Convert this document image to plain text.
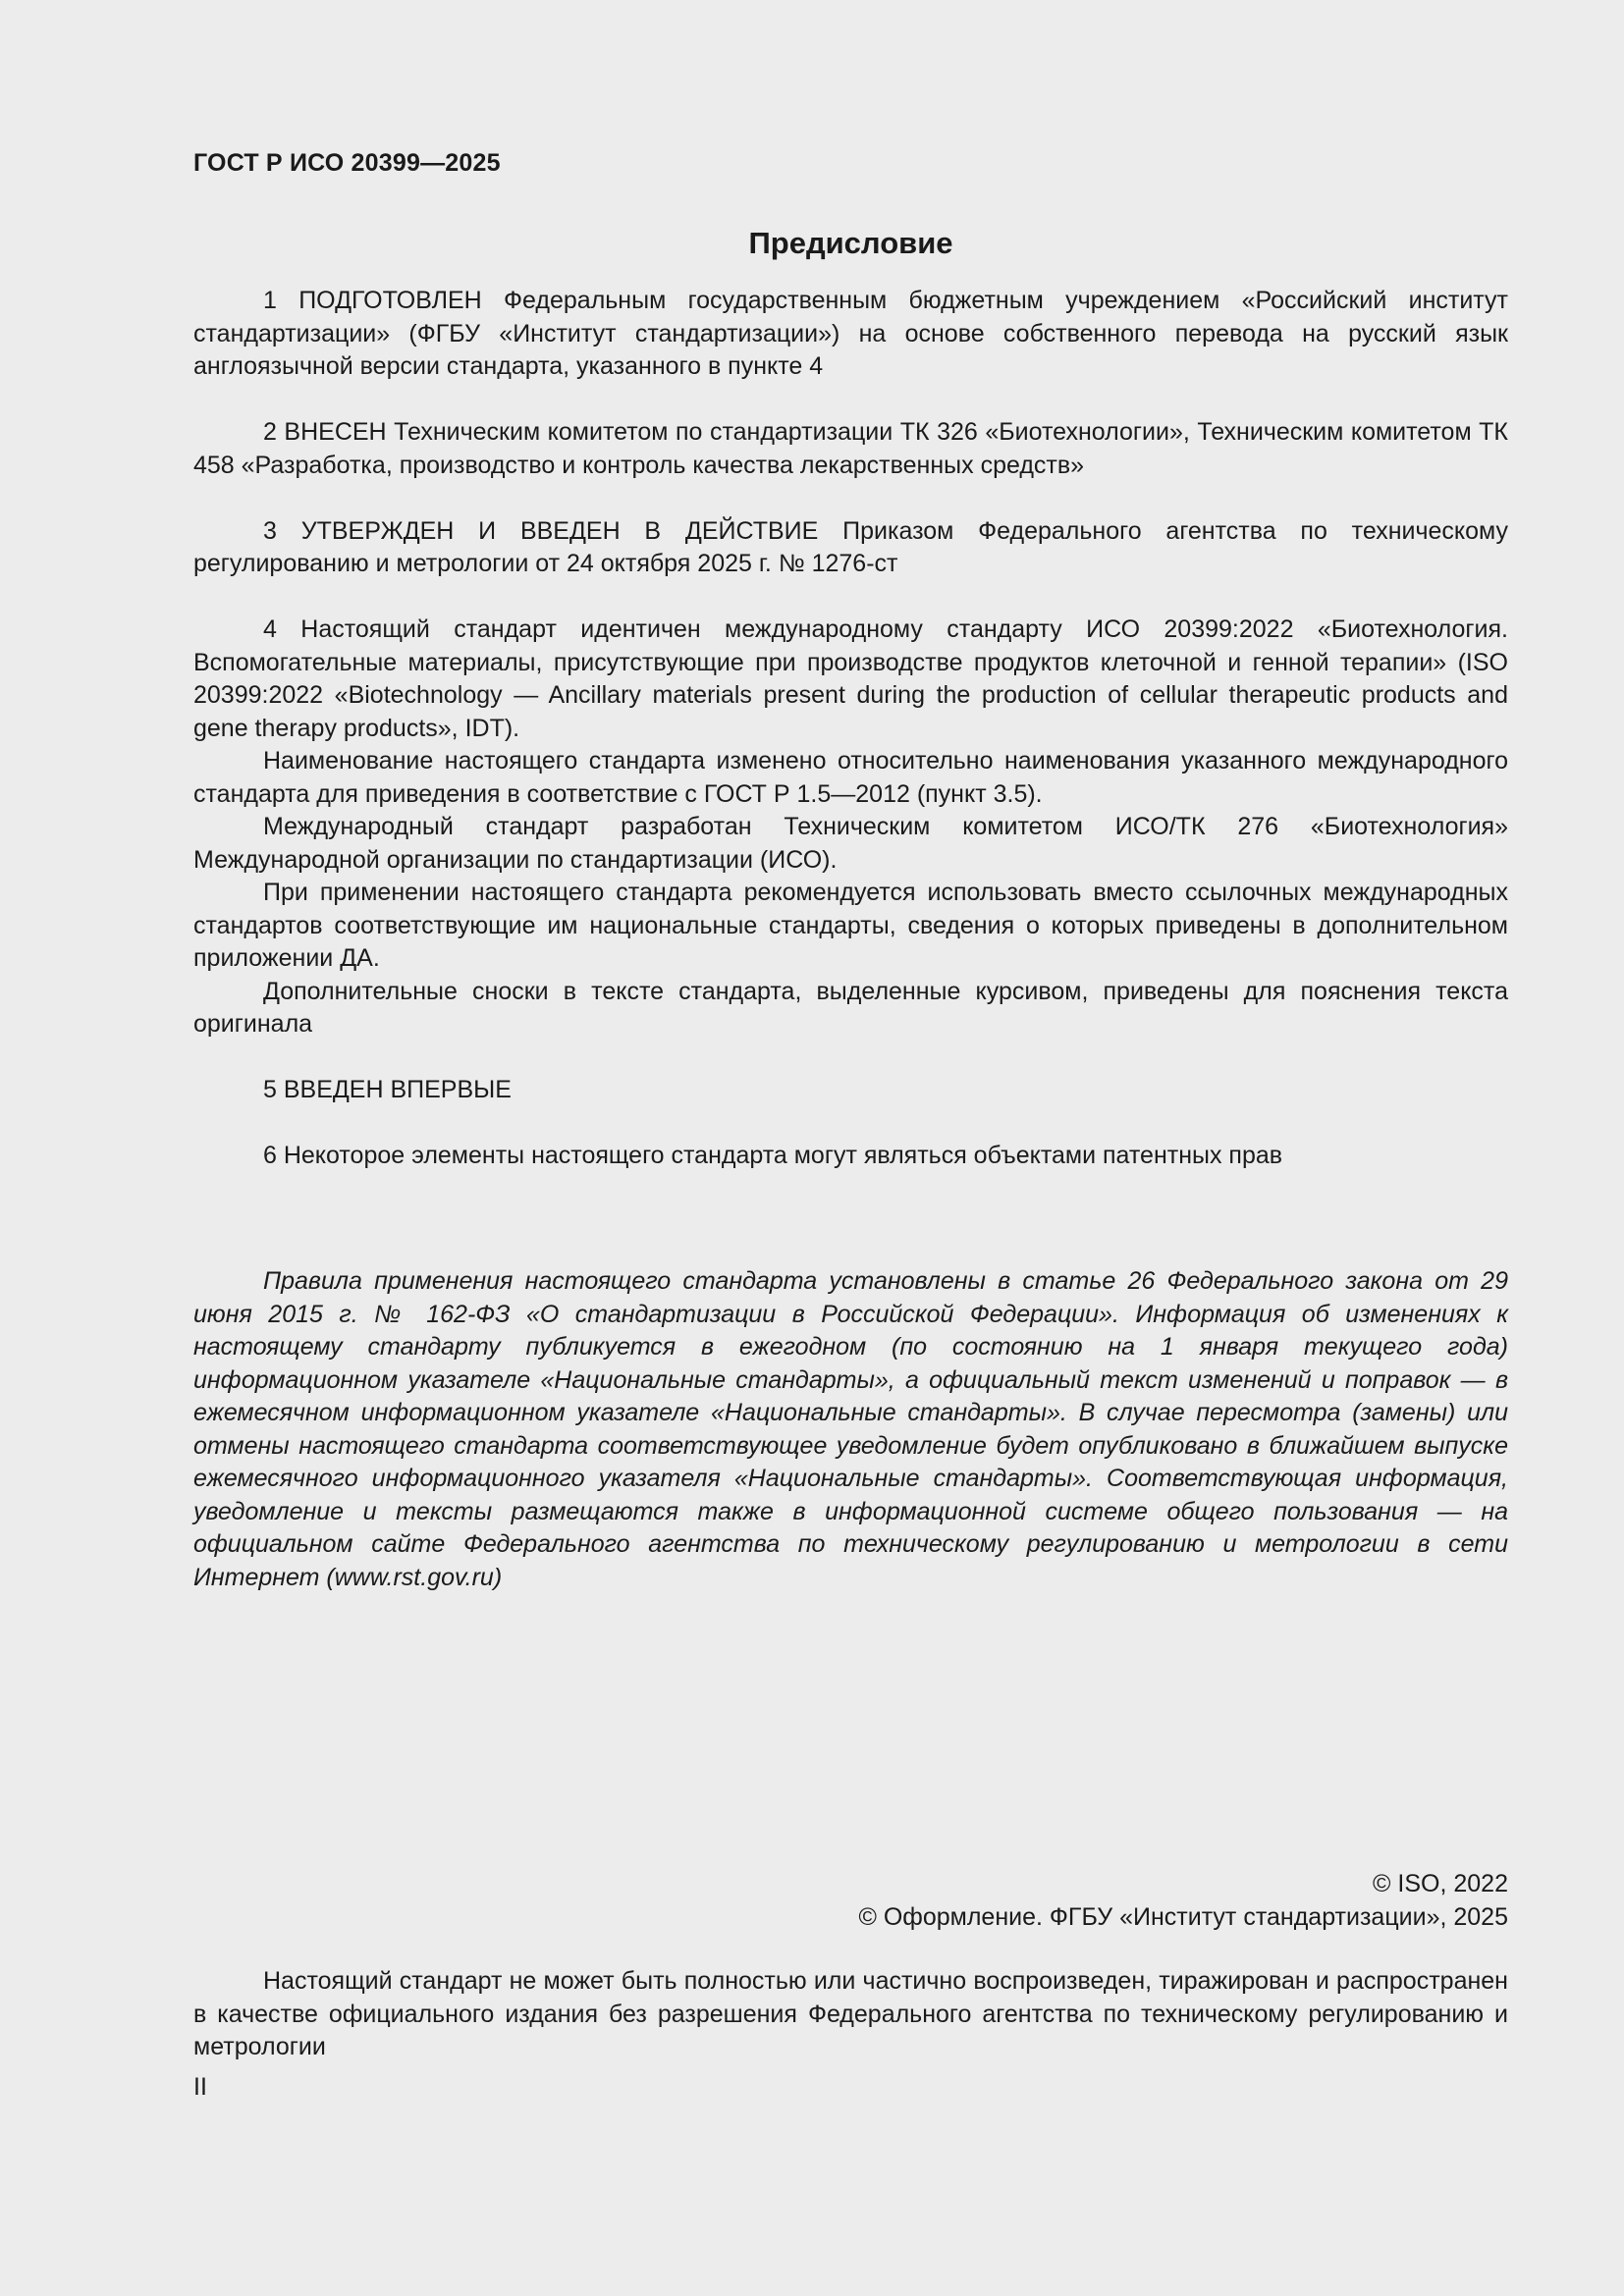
ГОСТ Р ИСО 20399—2025
Предисловие

1 ПОДГОТОВЛЕН Федеральным государственным бюджетным учреждением «Российский институт стандартизации» (ФГБУ «Институт стандартизации») на основе собственного перевода на русский язык англоязычной версии стандарта, указанного в пункте 4

2 ВНЕСЕН Техническим комитетом по стандартизации ТК 326 «Биотехнологии», Техническим комитетом ТК 458 «Разработка, производство и контроль качества лекарственных средств»

3 УТВЕРЖДЕН И ВВЕДЕН В ДЕЙСТВИЕ Приказом Федерального агентства по техническому регулированию и метрологии от 24 октября 2025 г. № 1276-ст

4 Настоящий стандарт идентичен международному стандарту ИСО 20399:2022 «Биотехнология. Вспомогательные материалы, присутствующие при производстве продуктов клеточной и генной терапии» (ISO 20399:2022 «Biotechnology — Ancillary materials present during the production of cellular therapeutic products and gene therapy products», IDT).

Наименование настоящего стандарта изменено относительно наименования указанного международного стандарта для приведения в соответствие с ГОСТ Р 1.5—2012 (пункт 3.5).

Международный стандарт разработан Техническим комитетом ИСО/ТК 276 «Биотехнология» Международной организации по стандартизации (ИСО).

При применении настоящего стандарта рекомендуется использовать вместо ссылочных международных стандартов соответствующие им национальные стандарты, сведения о которых приведены в дополнительном приложении ДА.

Дополнительные сноски в тексте стандарта, выделенные курсивом, приведены для пояснения текста оригинала

5 ВВЕДЕН ВПЕРВЫЕ

6 Некоторое элементы настоящего стандарта могут являться объектами патентных прав

Правила применения настоящего стандарта установлены в статье 26 Федерального закона от 29 июня 2015 г. № 162-ФЗ «О стандартизации в Российской Федерации». Информация об изменениях к настоящему стандарту публикуется в ежегодном (по состоянию на 1 января текущего года) информационном указателе «Национальные стандарты», а официальный текст изменений и поправок — в ежемесячном информационном указателе «Национальные стандарты». В случае пересмотра (замены) или отмены настоящего стандарта соответствующее уведомление будет опубликовано в ближайшем выпуске ежемесячного информационного указателя «Национальные стандарты». Соответствующая информация, уведомление и тексты размещаются также в информационной системе общего пользования — на официальном сайте Федерального агентства по техническому регулированию и метрологии в сети Интернет (www.rst.gov.ru)
© ISO, 2022
© Оформление. ФГБУ «Институт стандартизации», 2025
Настоящий стандарт не может быть полностью или частично воспроизведен, тиражирован и распространен в качестве официального издания без разрешения Федерального агентства по техническому регулированию и метрологии
II
